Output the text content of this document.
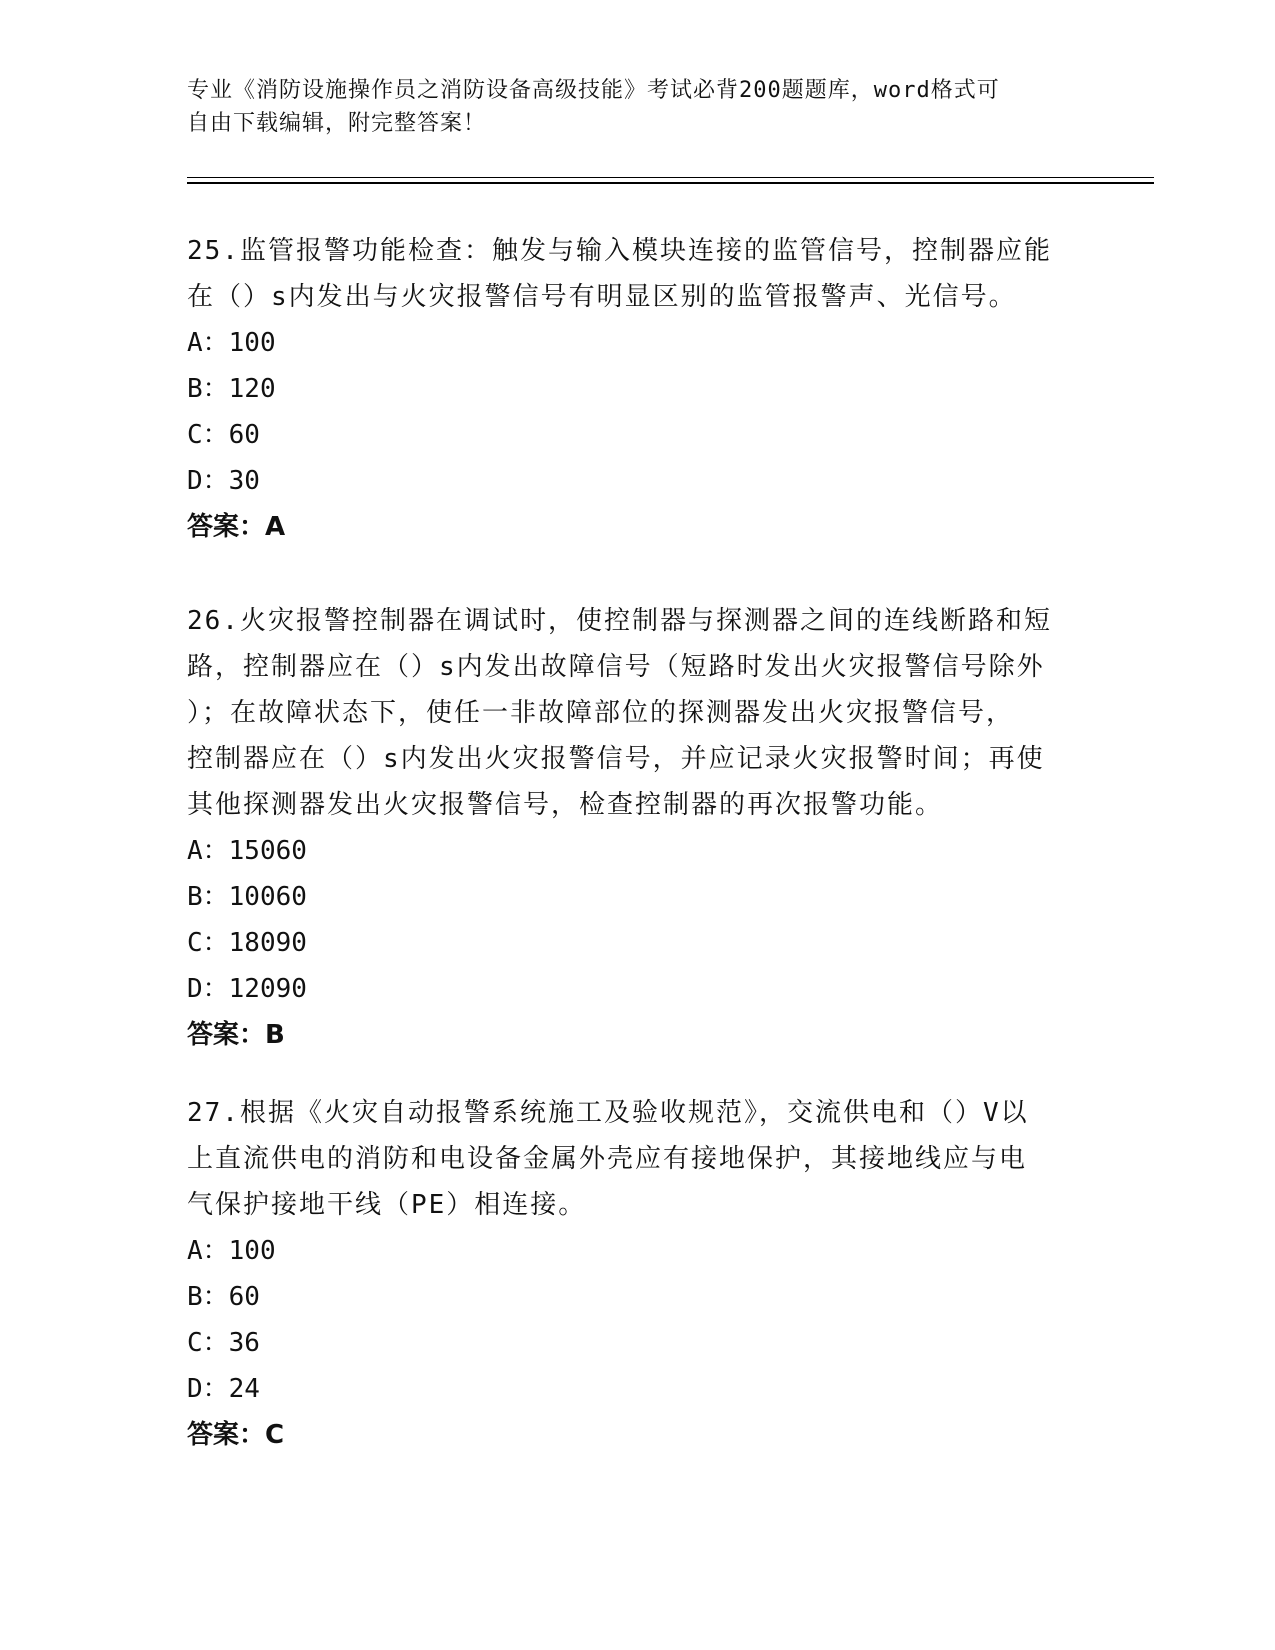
专业《消防设施操作员之消防设备高级技能》考试必背200题题库，word格式可
自由下载编辑，附完整答案！
25.监管报警功能检查：触发与输入模块连接的监管信号，控制器应能
在（）s内发出与火灾报警信号有明显区别的监管报警声、光信号。
A：100
B：120
C：60
D：30
答案：A
26.火灾报警控制器在调试时，使控制器与探测器之间的连线断路和短
路，控制器应在（）s内发出故障信号（短路时发出火灾报警信号除外
）；在故障状态下，使任一非故障部位的探测器发出火灾报警信号，
控制器应在（）s内发出火灾报警信号，并应记录火灾报警时间；再使
其他探测器发出火灾报警信号，检查控制器的再次报警功能。
A：15060
B：10060
C：18090
D：12090
答案：B
27.根据《火灾自动报警系统施工及验收规范》，交流供电和（）V以
上直流供电的消防和电设备金属外壳应有接地保护，其接地线应与电
气保护接地干线（PE）相连接。
A：100
B：60
C：36
D：24
答案：C
